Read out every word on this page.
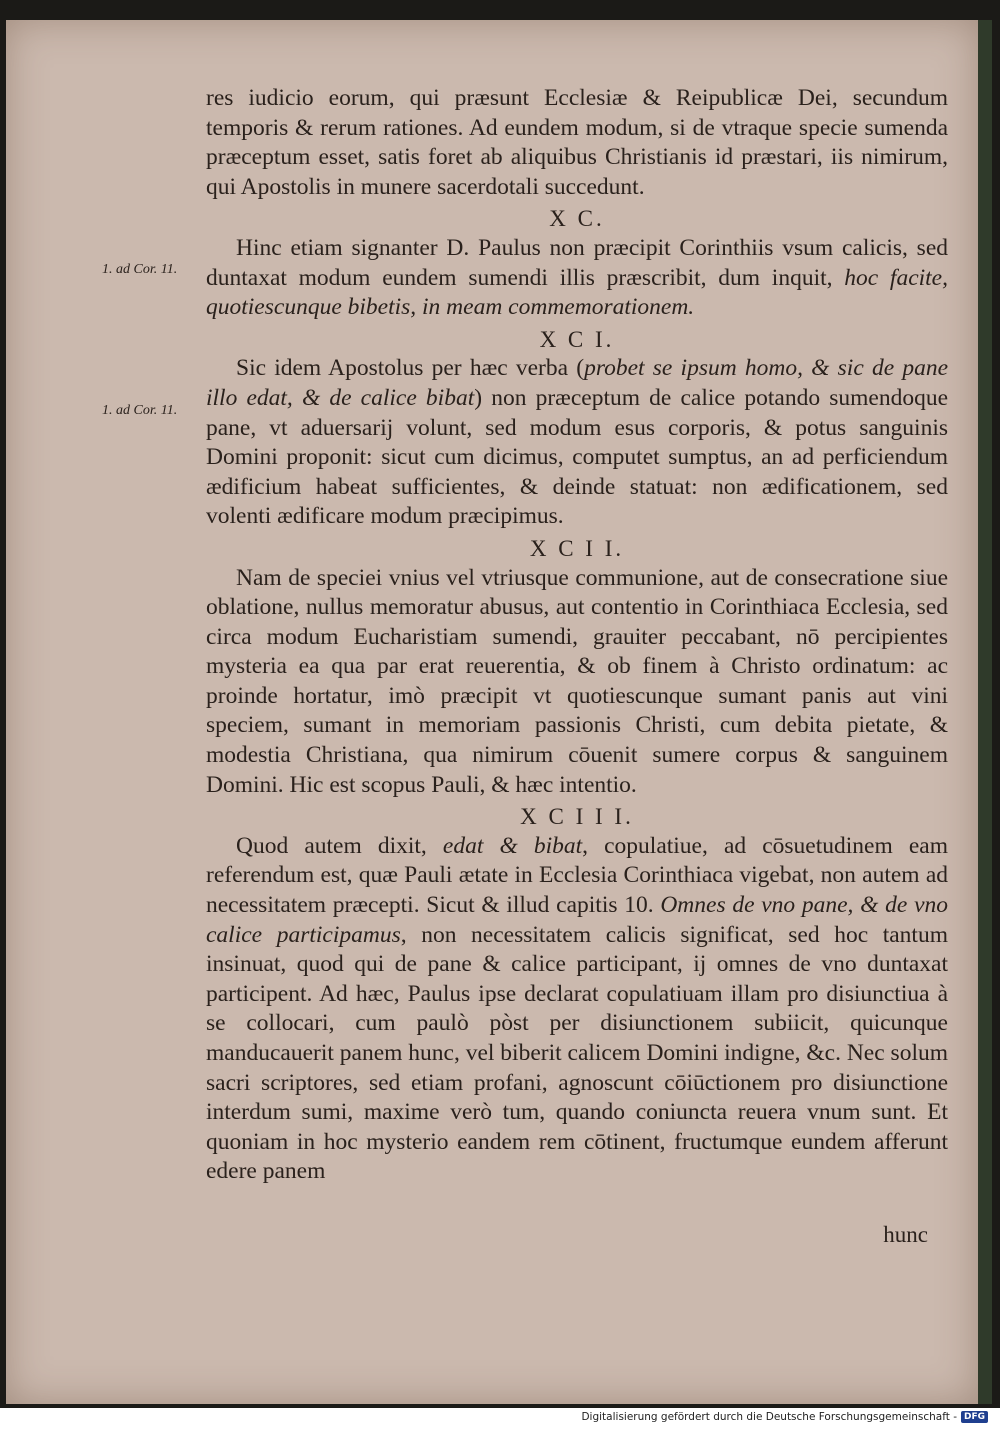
res iudicio eorum, qui præsunt Ecclesiæ & Reipublicæ Dei, secundum temporis & rerum rationes. Ad eundem modum, si de vtraque specie sumenda præceptum esset, satis foret ab aliquibus Christianis id præstari, iis nimirum, qui Apostolis in munere sacerdotali succedunt.

X C.

Hinc etiam signanter D. Paulus non præcipit Corinthiis vsum calicis, sed duntaxat modum eundem sumendi illis præscribit, dum inquit, hoc facite, quotiescunque bibetis, in meam commemorationem.

X C I.

Sic idem Apostolus per hæc verba (probet se ipsum homo, & sic de pane illo edat, & de calice bibat) non præceptum de calice potando sumendoque pane, vt aduersarij volunt, sed modum esus corporis, & potus sanguinis Domini proponit: sicut cum dicimus, computet sumptus, an ad perficiendum ædificium habeat sufficientes, & deinde statuat: non ædificationem, sed volenti ædificare modum præcipimus.

X C I I.

Nam de speciei vnius vel vtriusque communione, aut de consecratione siue oblatione, nullus memoratur abusus, aut contentio in Corinthiaca Ecclesia, sed circa modum Eucharistiam sumendi, grauiter peccabant, nō percipientes mysteria ea qua par erat reuerentia, & ob finem à Christo ordinatum: ac proinde hortatur, imò præcipit vt quotiescunque sumant panis aut vini speciem, sumant in memoriam passionis Christi, cum debita pietate, & modestia Christiana, qua nimirum cōuenit sumere corpus & sanguinem Domini. Hic est scopus Pauli, & hæc intentio.

X C I I I.

Quod autem dixit, edat & bibat, copulatiue, ad cōsuetudinem eam referendum est, quæ Pauli ætate in Ecclesia Corinthiaca vigebat, non autem ad necessitatem præcepti. Sicut & illud capitis 10. Omnes de vno pane, & de vno calice participamus, non necessitatem calicis significat, sed hoc tantum insinuat, quod qui de pane & calice participant, ij omnes de vno duntaxat participent. Ad hæc, Paulus ipse declarat copulatiuam illam pro disiunctiua à se collocari, cum paulò pòst per disiunctionem subiicit, quicunque manducauerit panem hunc, vel biberit calicem Domini indigne, &c. Nec solum sacri scriptores, sed etiam profani, agnoscunt cōiūctionem pro disiunctione interdum sumi, maxime verò tum, quando coniuncta reuera vnum sunt. Et quoniam in hoc mysterio eandem rem cōtinent, fructumque eundem afferunt edere panem

1. ad Cor. 11.
1. ad Cor. 11.
hunc
Digitalisierung gefördert durch die Deutsche Forschungsgemeinschaft - DFG
